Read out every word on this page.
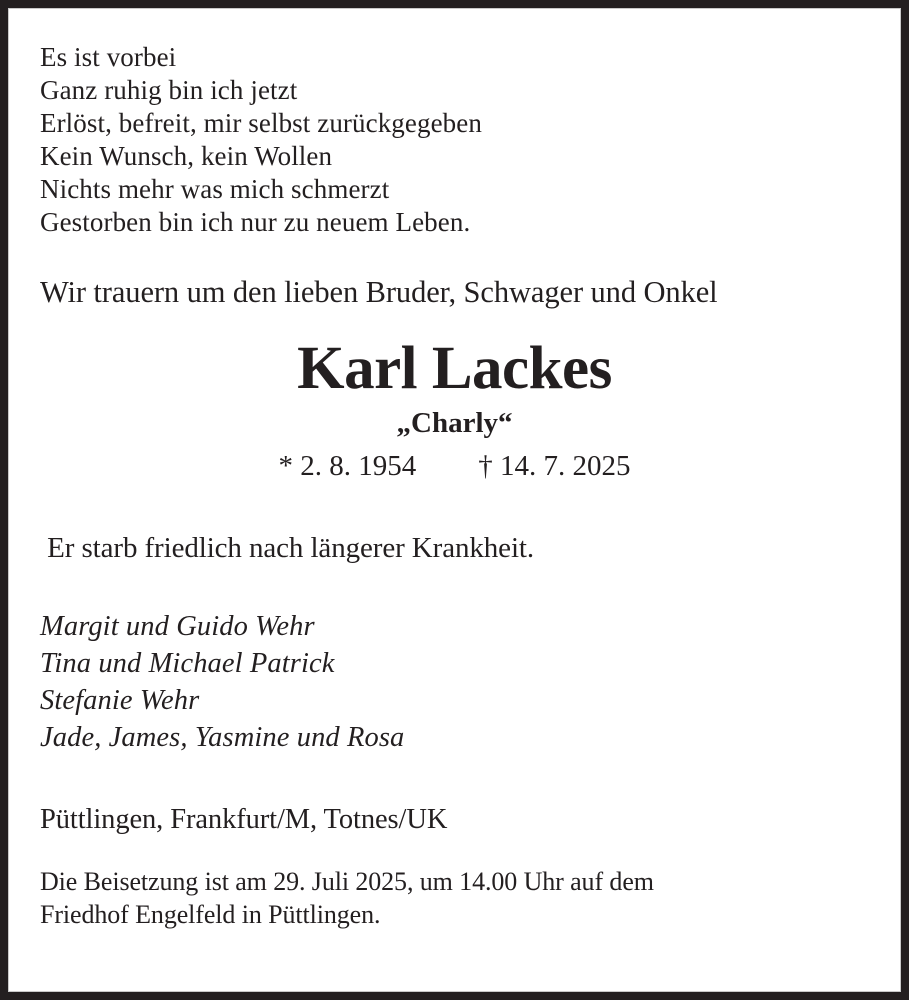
Es ist vorbei
Ganz ruhig bin ich jetzt
Erlöst, befreit, mir selbst zurückgegeben
Kein Wunsch, kein Wollen
Nichts mehr was mich schmerzt
Gestorben bin ich nur zu neuem Leben.
Wir trauern um den lieben Bruder, Schwager und Onkel
Karl Lackes
„Charly“
* 2. 8. 1954 † 14. 7. 2025
Er starb friedlich nach längerer Krankheit.
Margit und Guido Wehr
Tina und Michael Patrick
Stefanie Wehr
Jade, James, Yasmine und Rosa
Püttlingen, Frankfurt/M, Totnes/UK
Die Beisetzung ist am 29. Juli 2025, um 14.00 Uhr auf dem
Friedhof Engelfeld in Püttlingen.
